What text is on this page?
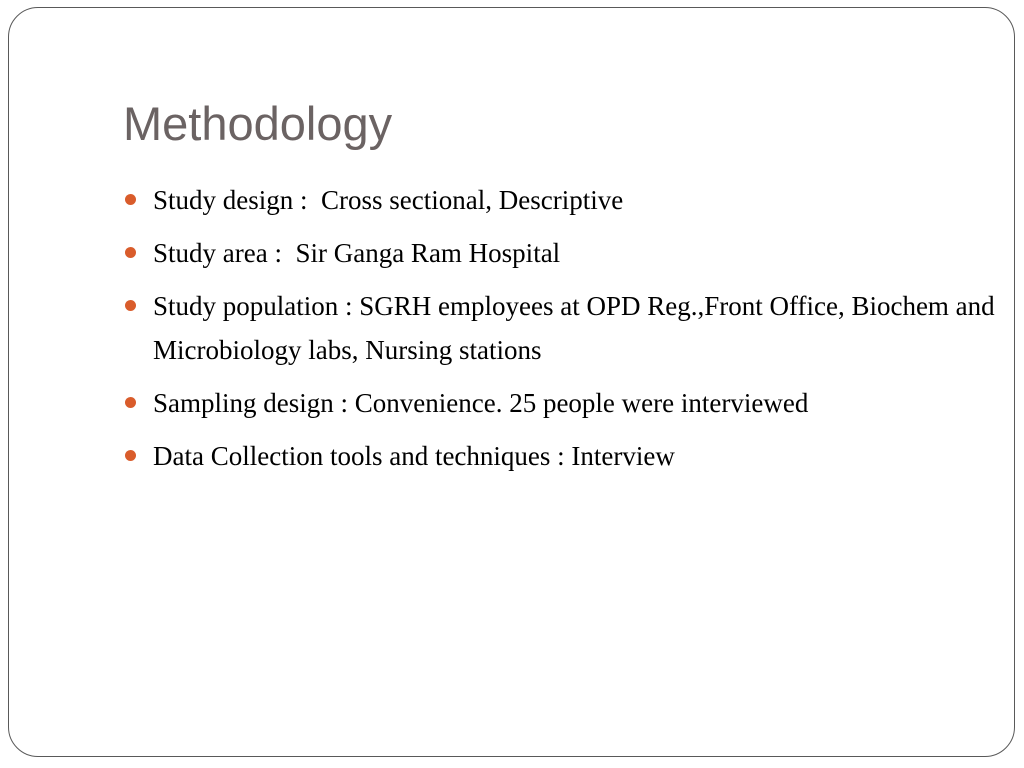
Methodology
Study design :  Cross sectional, Descriptive
Study area :  Sir Ganga Ram Hospital
Study population : SGRH employees at OPD Reg.,Front Office, Biochem and Microbiology labs, Nursing stations
Sampling design : Convenience. 25 people were interviewed
Data Collection tools and techniques : Interview
